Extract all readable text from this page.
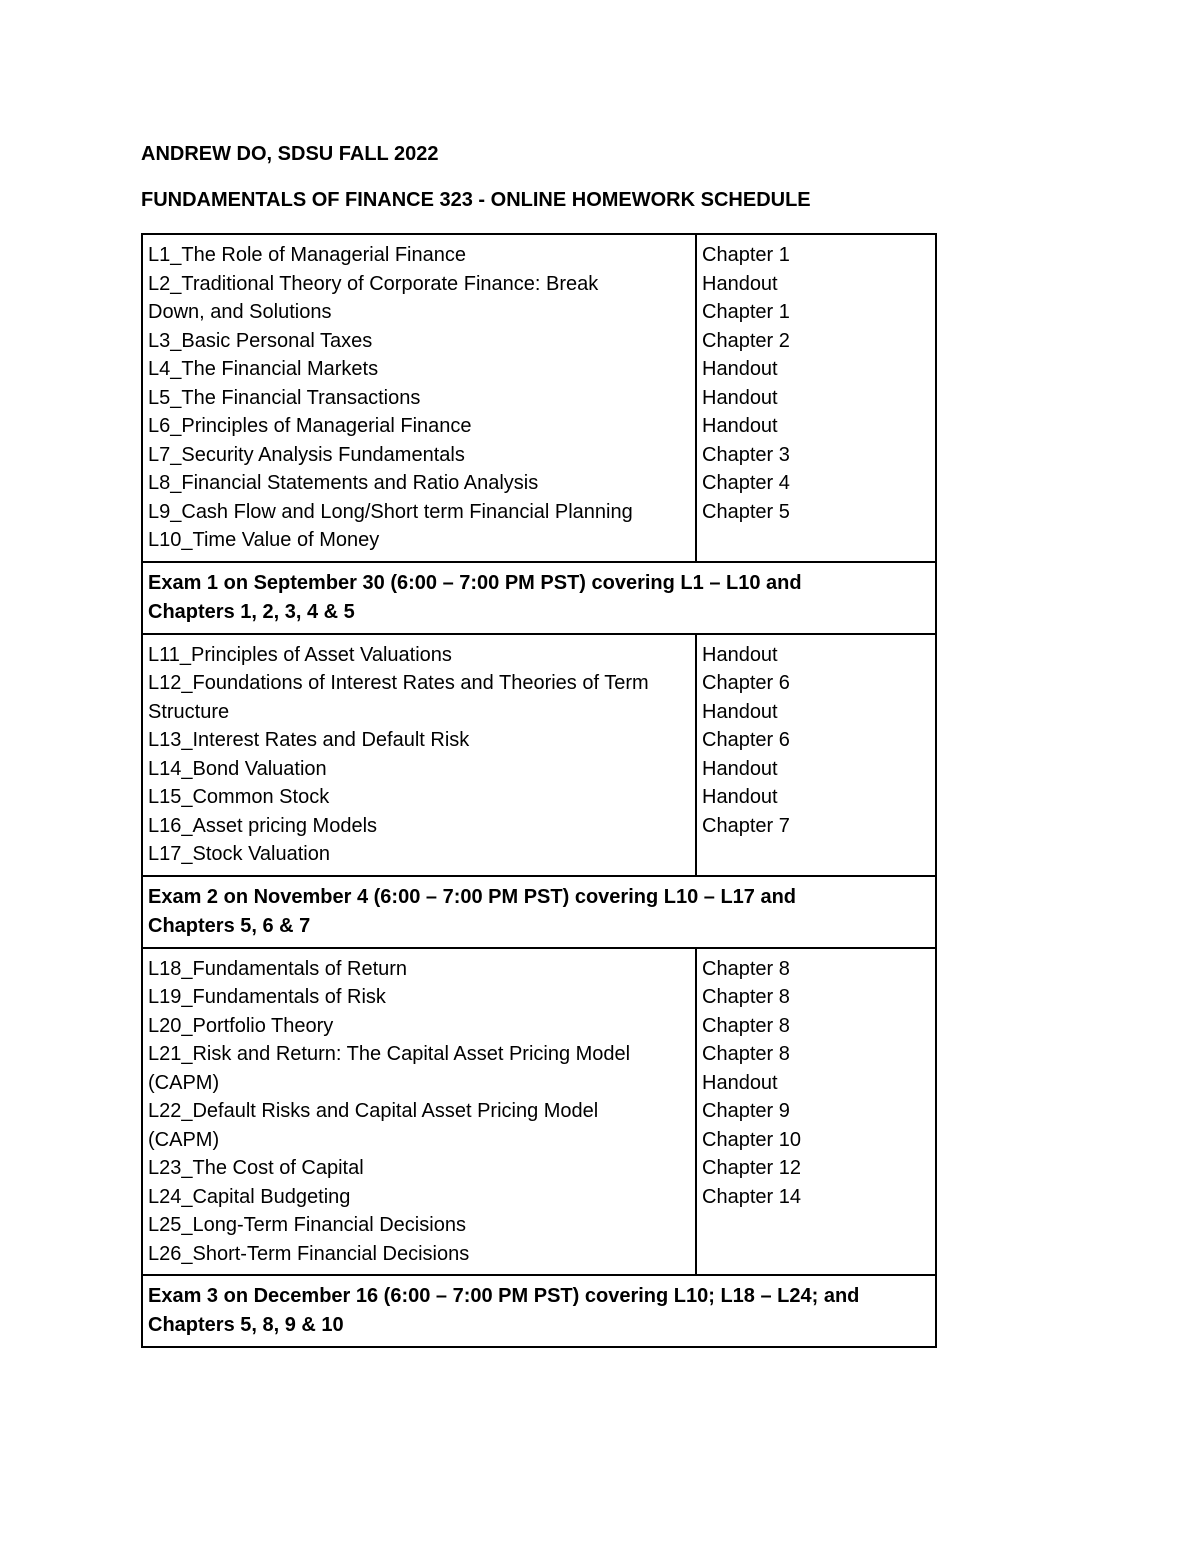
ANDREW DO, SDSU FALL 2022
FUNDAMENTALS OF FINANCE 323 - ONLINE HOMEWORK SCHEDULE
L1_The Role of Managerial Finance
L2_Traditional Theory of Corporate Finance: Break
Down, and Solutions
L3_Basic Personal Taxes
L4_The Financial Markets
L5_The Financial Transactions
L6_Principles of Managerial Finance
L7_Security Analysis Fundamentals
L8_Financial Statements and Ratio Analysis
L9_Cash Flow and Long/Short term Financial Planning
L10_Time Value of Money
Chapter 1
Handout
Chapter 1
Chapter 2
Handout
Handout
Handout
Chapter 3
Chapter 4
Chapter 5
Exam 1 on September 30 (6:00 – 7:00 PM PST) covering L1 – L10 and
Chapters 1, 2, 3, 4 & 5
L11_Principles of Asset Valuations
L12_Foundations of Interest Rates and Theories of Term
Structure
L13_Interest Rates and Default Risk
L14_Bond Valuation
L15_Common Stock
L16_Asset pricing Models
L17_Stock Valuation
Handout
Chapter 6
Handout
Chapter 6
Handout
Handout
Chapter 7
Exam 2 on November 4 (6:00 – 7:00 PM PST) covering L10 – L17 and
Chapters 5, 6 & 7
L18_Fundamentals of Return
L19_Fundamentals of Risk
L20_Portfolio Theory
L21_Risk and Return: The Capital Asset Pricing Model
(CAPM)
L22_Default Risks and Capital Asset Pricing Model
(CAPM)
L23_The Cost of Capital
L24_Capital Budgeting
L25_Long-Term Financial Decisions
L26_Short-Term Financial Decisions
Chapter 8
Chapter 8
Chapter 8
Chapter 8
Handout
Chapter 9
Chapter 10
Chapter 12
Chapter 14
Exam 3 on December 16 (6:00 – 7:00 PM PST) covering L10; L18 – L24; and
Chapters 5, 8, 9 & 10
